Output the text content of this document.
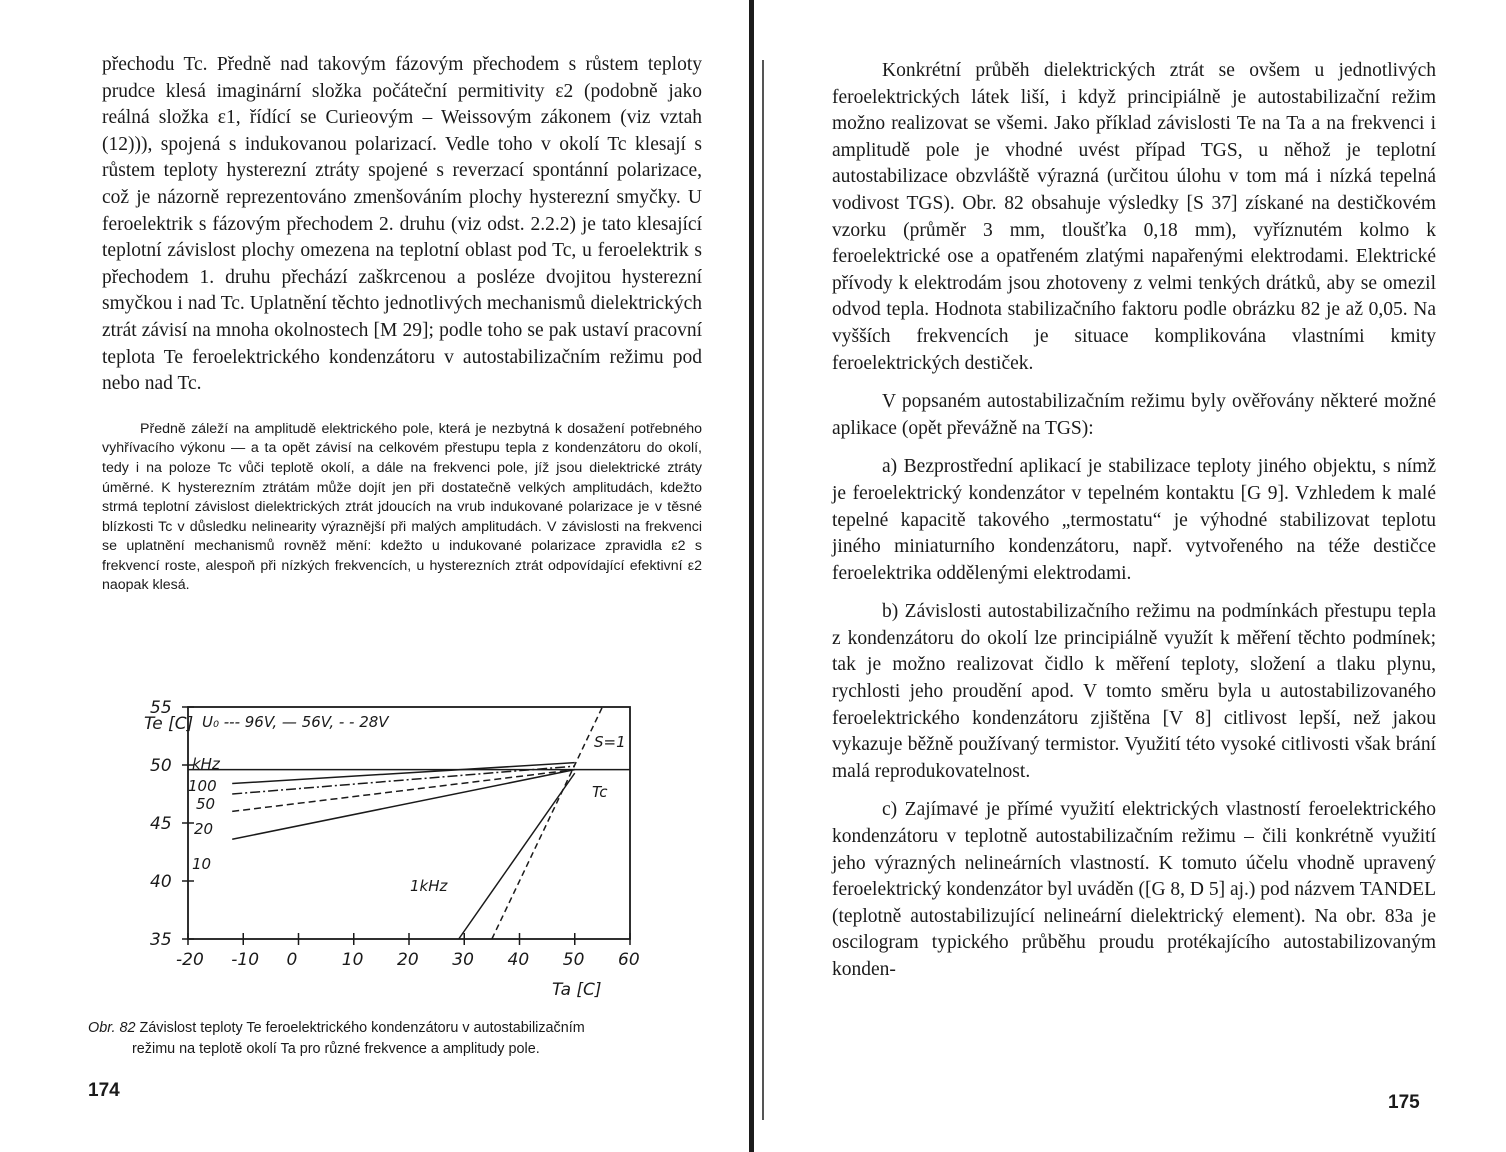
přechodu Tc. Předně nad takovým fázovým přechodem s růstem teploty prudce klesá imaginární složka počáteční permitivity ε2 (podobně jako reálná složka ε1, řídící se Curieovým – Weissovým zákonem (viz vztah (12))), spojená s indukovanou polarizací. Vedle toho v okolí Tc klesají s růstem teploty hysterezní ztráty spojené s reverzací spontánní polarizace, což je názorně reprezentováno zmenšováním plochy hysterezní smyčky. U feroelektrik s fázovým přechodem 2. druhu (viz odst. 2.2.2) je tato klesající teplotní závislost plochy omezena na teplotní oblast pod Tc, u feroelektrik s přechodem 1. druhu přechází zaškrcenou a posléze dvojitou hysterezní smyčkou i nad Tc. Uplatnění těchto jednotlivých mechanismů dielektrických ztrát závisí na mnoha okolnostech [M 29]; podle toho se pak ustaví pracovní teplota Te feroelektrického kondenzátoru v autostabilizačním režimu pod nebo nad Tc.

Předně záleží na amplitudě elektrického pole, která je nezbytná k dosažení potřebného vyhřívacího výkonu — a ta opět závisí na celkovém přestupu tepla z kondenzátoru do okolí, tedy i na poloze Tc vůči teplotě okolí, a dále na frekvenci pole, jíž jsou dielektrické ztráty úměrné. K hysterezním ztrátám může dojít jen při dostatečně velkých amplitudách, kdežto strmá teplotní závislost dielektrických ztrát jdoucích na vrub indukované polarizace je v těsné blízkosti Tc v důsledku nelinearity výraznější při malých amplitudách. V závislosti na frekvenci se uplatnění mechanismů rovněž mění: kdežto u indukované polarizace zpravidla ε2 s frekvencí roste, alespoň při nízkých frekvencích, u hysterezních ztrát odpovídající efektivní ε2 naopak klesá.

55
50
45
40
35
-20 -10 0	10 20 30 40 50 60
Te [C]
Ta [C]
U₀ --- 96V, — 56V, - - 28V
kHz
100
50
20
10
1kHz
S=1
Tc
Obr. 82 Závislost teploty Te feroelektrického kondenzátoru v autostabilizačním
režimu na teplotě okolí Ta pro různé frekvence a amplitudy pole.
174

Konkrétní průběh dielektrických ztrát se ovšem u jednotlivých feroelektrických látek liší, i když principiálně je autostabilizační režim možno realizovat se všemi. Jako příklad závislosti Te na Ta a na frekvenci i amplitudě pole je vhodné uvést případ TGS, u něhož je teplotní autostabilizace obzvláště výrazná (určitou úlohu v tom má i nízká tepelná vodivost TGS). Obr. 82 obsahuje výsledky [S 37] získané na destičkovém vzorku (průměr 3 mm, tloušťka 0,18 mm), vyříznutém kolmo k feroelektrické ose a opatřeném zlatými napařenými elektrodami. Elektrické přívody k elektrodám jsou zhotoveny z velmi tenkých drátků, aby se omezil odvod tepla. Hodnota stabilizačního faktoru podle obrázku 82 je až 0,05. Na vyšších frekvencích je situace komplikována vlastními kmity feroelektrických destiček.

V popsaném autostabilizačním režimu byly ověřovány některé možné aplikace (opět převážně na TGS):

a) Bezprostřední aplikací je stabilizace teploty jiného objektu, s nímž je feroelektrický kondenzátor v tepelném kontaktu [G 9]. Vzhledem k malé tepelné kapacitě takového „termostatu“ je výhodné stabilizovat teplotu jiného miniaturního kondenzátoru, např. vytvořeného na téže destičce feroelektrika oddělenými elektrodami.

b) Závislosti autostabilizačního režimu na podmínkách přestupu tepla z kondenzátoru do okolí lze principiálně využít k měření těchto podmínek; tak je možno realizovat čidlo k měření teploty, složení a tlaku plynu, rychlosti jeho proudění apod. V tomto směru byla u autostabilizovaného feroelektrického kondenzátoru zjištěna [V 8] citlivost lepší, než jakou vykazuje běžně používaný termistor. Využití této vysoké citlivosti však brání malá reprodukovatelnost.

c) Zajímavé je přímé využití elektrických vlastností feroelektrického kondenzátoru v teplotně autostabilizačním režimu – čili konkrétně využití jeho výrazných nelineárních vlastností. K tomuto účelu vhodně upravený feroelektrický kondenzátor byl uváděn ([G 8, D 5] aj.) pod názvem TANDEL (teplotně autostabilizující nelineární dielektrický element). Na obr. 83a je oscilogram typického průběhu proudu protékajícího autostabilizovaným konden-

175
